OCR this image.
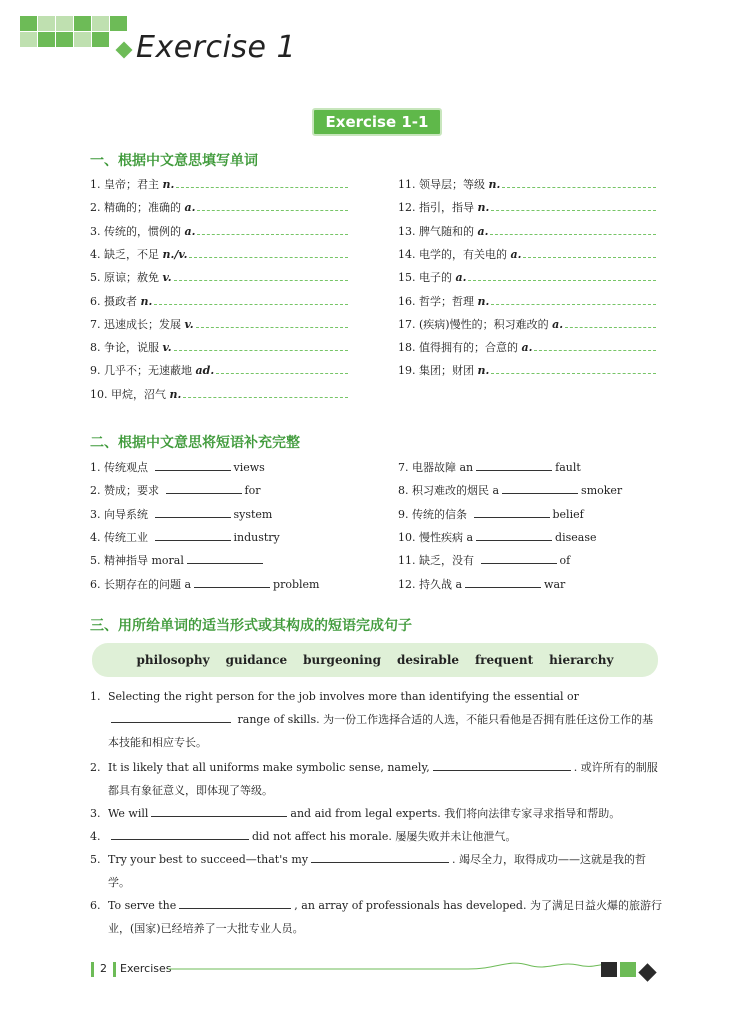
Exercise 1
Exercise 1-1
一、根据中文意思填写单词
1. 皇帝；君主 n.
2. 精确的；准确的 a.
3. 传统的，惯例的 a.
4. 缺乏，不足 n./v.
5. 原谅；赦免 v.
6. 摄政者 n.
7. 迅速成长；发展 v.
8. 争论，说服 v.
9. 几乎不；无速蔽地 ad.
10. 甲烷，沼气 n.
11. 领导层；等级 n.
12. 指引，指导 n.
13. 脾气随和的 a.
14. 电学的，有关电的 a.
15. 电子的 a.
16. 哲学；哲理 n.
17. (疾病)慢性的；积习难改的 a.
18. 值得拥有的；合意的 a.
19. 集团；财团 n.
二、根据中文意思将短语补充完整
1. 传统观点	views
2. 赞成；要求	for
3. 向导系统	system
4. 传统工业	industry
5. 精神指导 moral
6. 长期存在的问题 a	problem
7. 电器故障 an	fault
8. 积习难改的烟民 a	smoker
9. 传统的信条	belief
10. 慢性疾病 a	disease
11. 缺乏，没有	of
12. 持久战 a	war
三、用所给单词的适当形式或其构成的短语完成句子
philosophy guidance burgeoning desirable frequent hierarchy
1. Selecting the right person for the job involves more than identifying the essential or range of skills. 为一份工作选择合适的人选，不能只看他是否拥有胜任这份工作的基本技能和相应专长。
2. It is likely that all uniforms make symbolic sense, namely,	. 或许所有的制服都具有象征意义，即体现了等级。
3. We will	and aid from legal experts. 我们将向法律专家寻求指导和帮助。
4.	did not affect his morale. 屡屡失败并未让他泄气。
5. Try your best to succeed—that's my	. 竭尽全力，取得成功——这就是我的哲学。
6. To serve the	, an array of professionals has developed. 为了满足日益火爆的旅游行业，(国家)已经培养了一大批专业人员。
2 Exercises
